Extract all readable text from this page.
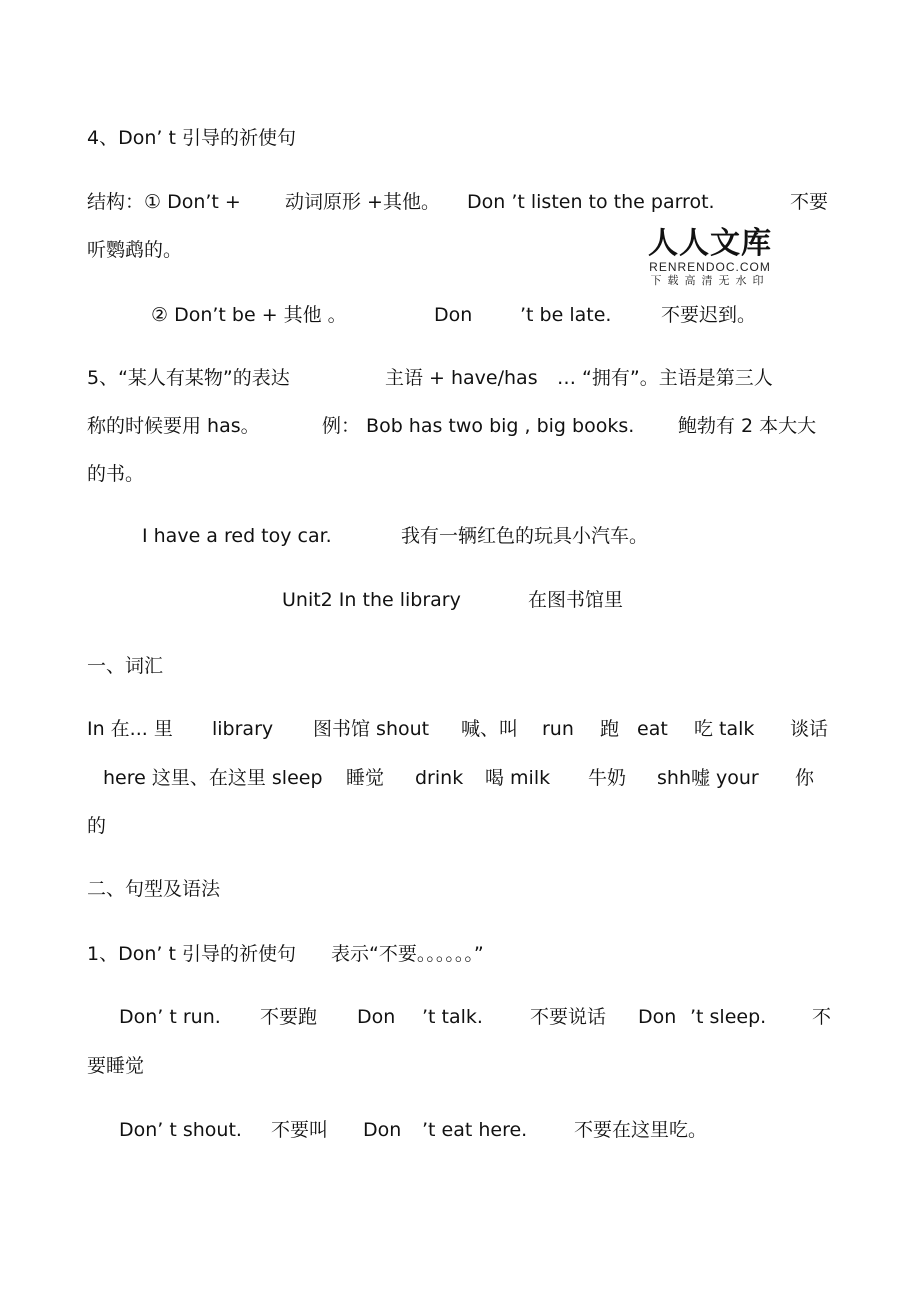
4、Don’ t 引导的祈使句
结构：① Don’t + 动词原形 +其他。 Don ’t listen to the parrot.	不要
听鹦鹉的。	人人文库
RENRENDOC.COM
下载高清无水印
② Don’t be + 其他 。	Don	’t be late.	不要迟到。
5、“某人有某物”的表达	主语 + have/has … “拥有”。主语是第三人
称的时候要用 has。	例： Bob has two big , big books. 鲍勃有 2 本大大
的书。
I have a red toy car.	我有一辆红色的玩具小汽车。
Unit2 In the library	在图书馆里
一、词汇
In 在... 里 library 图书馆 shout 喊、叫 run 跑 eat 吃 talk 谈话
here 这里、在这里 sleep 睡觉 drink 喝 milk 牛奶 shh嘘 your 你
的
二、句型及语法
1、Don’ t 引导的祈使句 表示“不要。。。。。。”
Don’ t run. 不要跑 Don ’t talk. 不要说话 Don ’t sleep. 不
要睡觉
Don’ t shout. 不要叫 Don ’t eat here. 不要在这里吃。
